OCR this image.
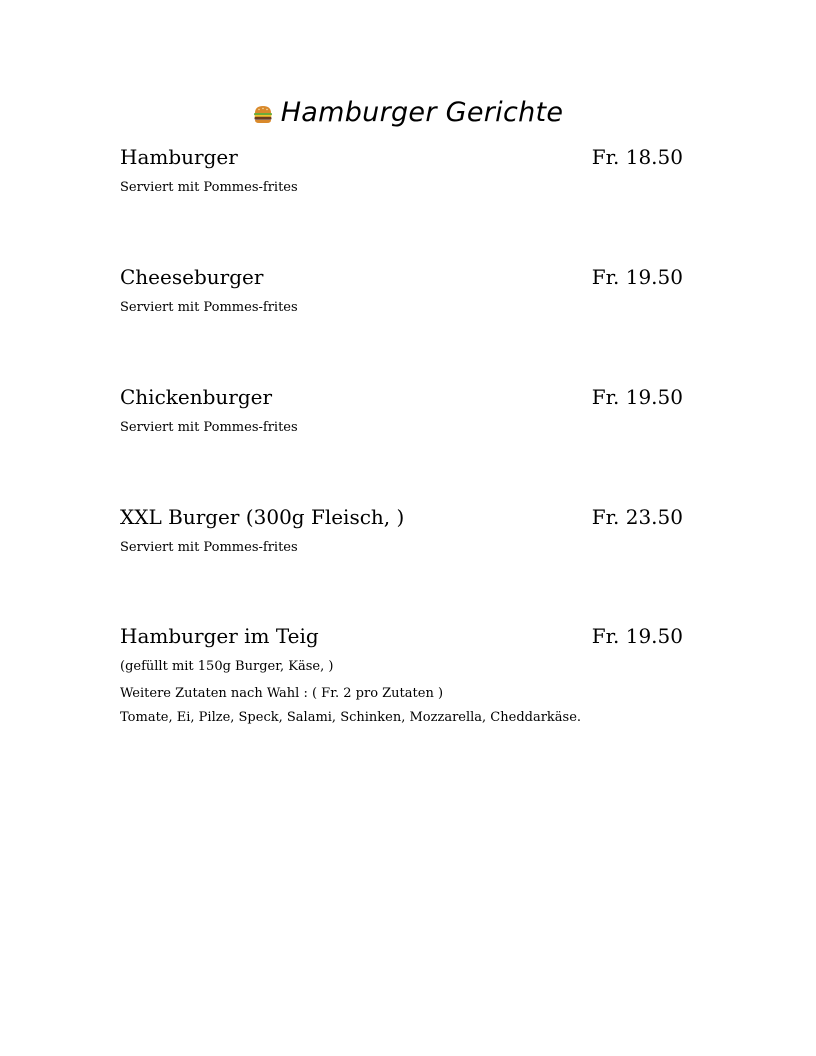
Hamburger Gerichte
Hamburger	Fr. 18.50
Serviert mit Pommes-frites
Cheeseburger	Fr. 19.50
Serviert mit Pommes-frites
Chickenburger	Fr. 19.50
Serviert mit Pommes-frites
XXL Burger (300g Fleisch, )	Fr. 23.50
Serviert mit Pommes-frites
Hamburger im Teig	Fr. 19.50
(gefüllt mit 150g Burger, Käse, )
Weitere Zutaten nach Wahl : ( Fr. 2 pro Zutaten )
Tomate, Ei, Pilze, Speck, Salami, Schinken, Mozzarella, Cheddarkäse.
